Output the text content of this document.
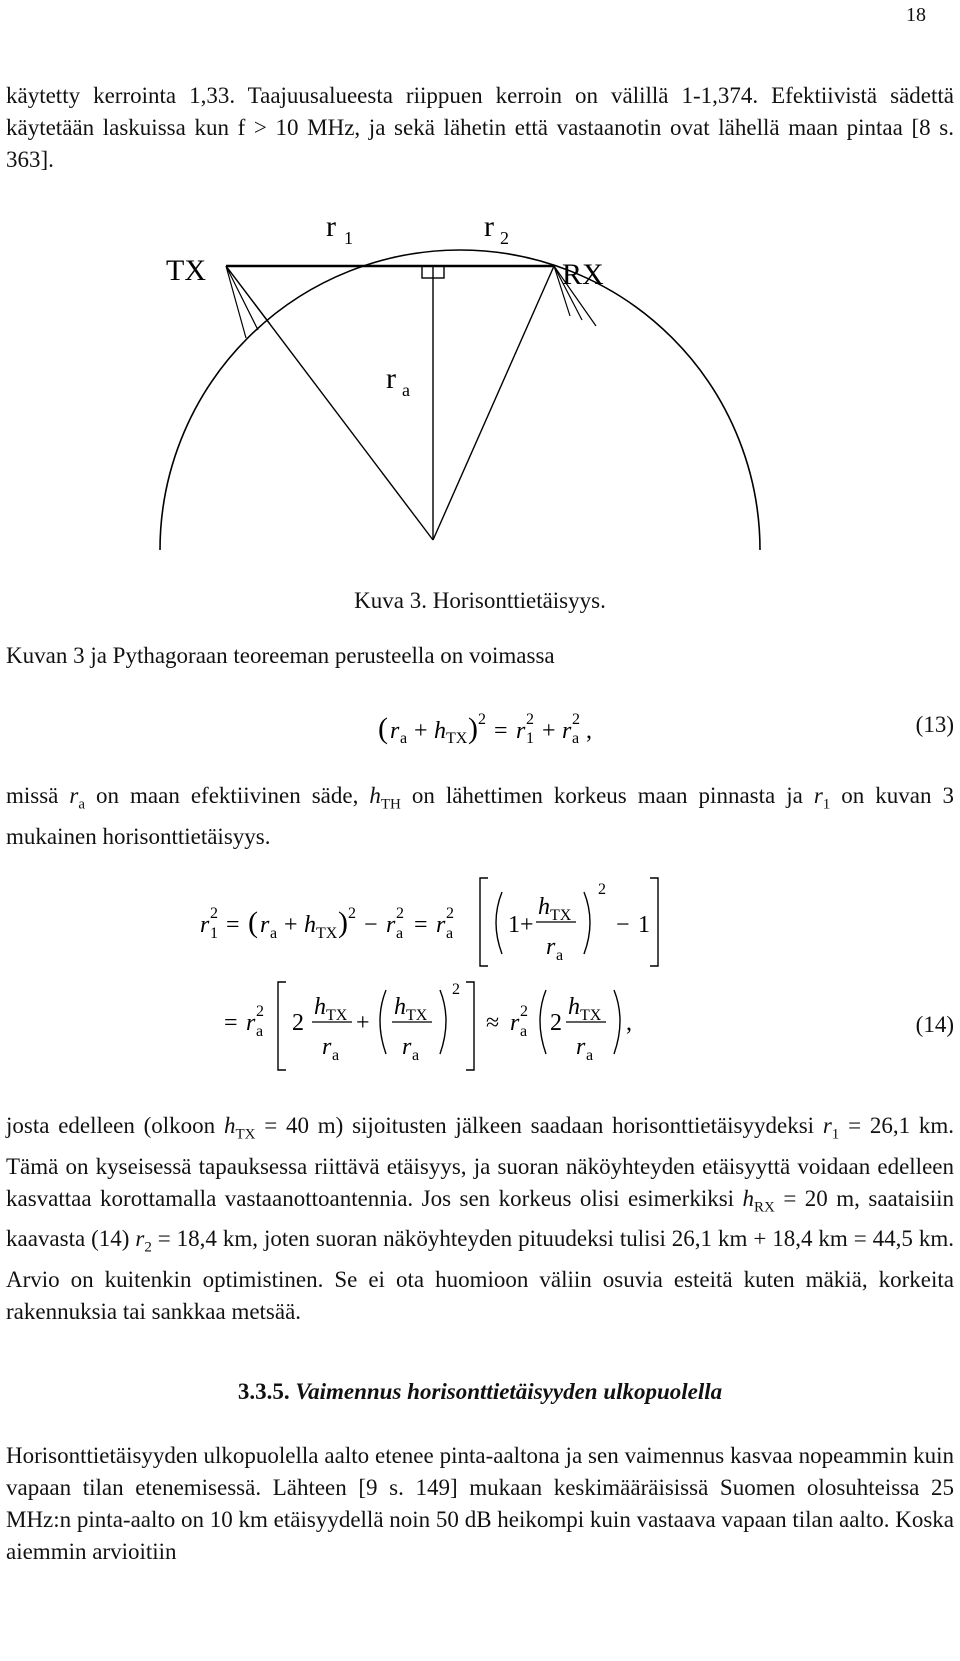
18

käytetty kerrointa 1,33. Taajuusalueesta riippuen kerroin on välillä 1-1,374. Efektiivistä sädettä käytetään laskuissa kun f > 10 MHz, ja sekä lähetin että vastaanotin ovat lähellä maan pintaa [8 s. 363].

TX	RX
r 1	r 2
r a
Kuva 3. Horisonttietäisyys.

Kuvan 3 ja Pythagoraan teoreeman perusteella on voimassa

( r a + h TX ) 2 = r 1
2 + r a
2 ,	(13)

missä $r_a$ on maan efektiivinen säde, $h_{TH}$ on lähettimen korkeus maan pinnasta ja $r_1$ on kuvan 3 mukainen horisonttietäisyys.

r 1
2 = ( r a + h TX ) 2 − r a
2 = r a
2 1+
h TX
r a
2
− 1
= r a
2 2
h TX
r a
+
h TX
r a
2
≈ r a
2 2
h TX
r a
,	(14)

josta edelleen (olkoon $h_{TX} = 40$ m) sijoitusten jälkeen saadaan horisonttietäisyydeksi $r_1 = 26,1$ km. Tämä on kyseisessä tapauksessa riittävä etäisyys, ja suoran näköyhteyden etäisyyttä voidaan edelleen kasvattaa korottamalla vastaanottoantennia. Jos sen korkeus olisi esimerkiksi $h_{RX} = 20$ m, saataisiin kaavasta (14) $r_2 = 18,4$ km, joten suoran näköyhteyden pituudeksi tulisi 26,1 km + 18,4 km = 44,5 km. Arvio on kuitenkin optimistinen. Se ei ota huomioon väliin osuvia esteitä kuten mäkiä, korkeita rakennuksia tai sankkaa metsää.

3.3.5. Vaimennus horisonttietäisyyden ulkopuolella

Horisonttietäisyyden ulkopuolella aalto etenee pinta-aaltona ja sen vaimennus kasvaa nopeammin kuin vapaan tilan etenemisessä. Lähteen [9 s. 149] mukaan keskimääräisissä Suomen olosuhteissa 25 MHz:n pinta-aalto on 10 km etäisyydellä noin 50 dB heikompi kuin vastaava vapaan tilan aalto. Koska aiemmin arvioitiin
